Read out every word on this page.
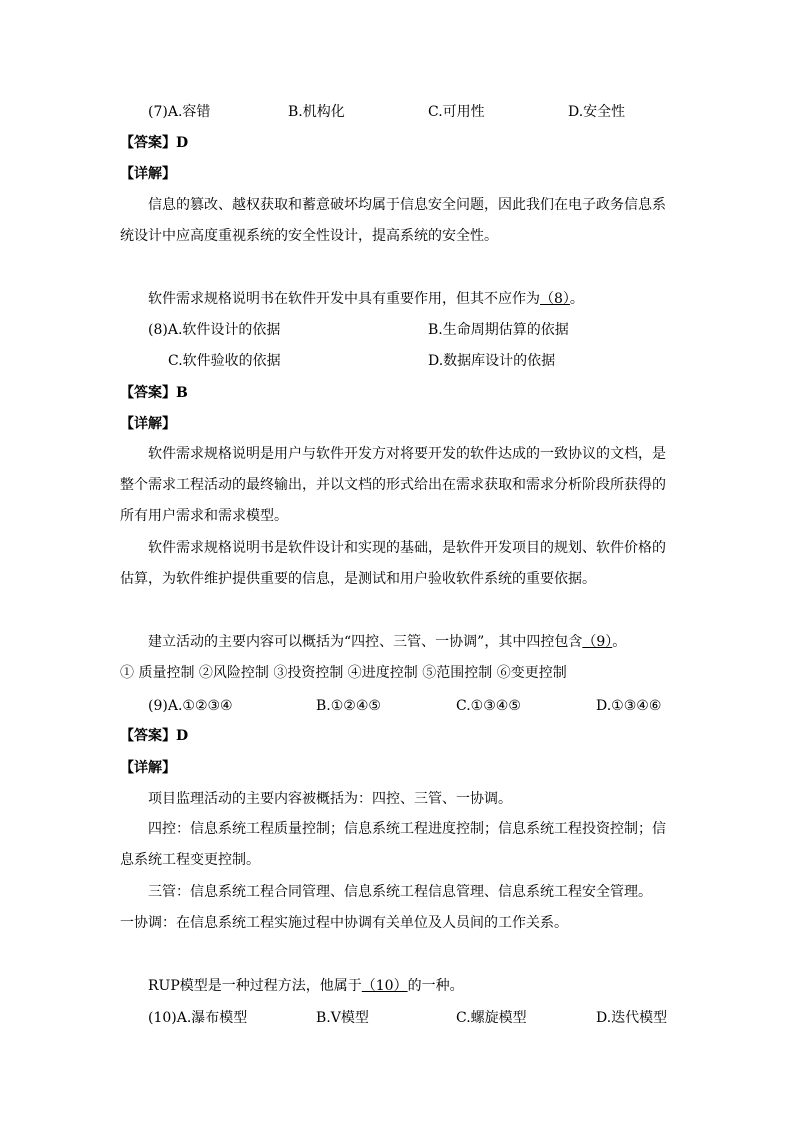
(7)A.容错	B.机构化	C.可用性	D.安全性
【答案】D
【详解】
信息的篡改、越权获取和蓄意破坏均属于信息安全问题，因此我们在电子政务信息系统设计中应高度重视系统的安全性设计，提高系统的安全性。
软件需求规格说明书在软件开发中具有重要作用，但其不应作为（8）。
(8)A.软件设计的依据	B.生命周期估算的依据
C.软件验收的依据	D.数据库设计的依据
【答案】B
【详解】
软件需求规格说明是用户与软件开发方对将要开发的软件达成的一致协议的文档，是整个需求工程活动的最终输出，并以文档的形式给出在需求获取和需求分析阶段所获得的所有用户需求和需求模型。
软件需求规格说明书是软件设计和实现的基础，是软件开发项目的规划、软件价格的估算，为软件维护提供重要的信息，是测试和用户验收软件系统的重要依据。
建立活动的主要内容可以概括为“四控、三管、一协调”，其中四控包含（9）。
① 质量控制 ②风险控制 ③投资控制 ④进度控制 ⑤范围控制 ⑥变更控制
(9)A.①②③④	B.①②④⑤	C.①③④⑤	D.①③④⑥
【答案】D
【详解】
项目监理活动的主要内容被概括为：四控、三管、一协调。
四控：信息系统工程质量控制；信息系统工程进度控制；信息系统工程投资控制；信息系统工程变更控制。
三管：信息系统工程合同管理、信息系统工程信息管理、信息系统工程安全管理。
一协调：在信息系统工程实施过程中协调有关单位及人员间的工作关系。
RUP模型是一种过程方法，他属于（10）的一种。
(10)A.瀑布模型	B.V模型	C.螺旋模型	D.迭代模型
